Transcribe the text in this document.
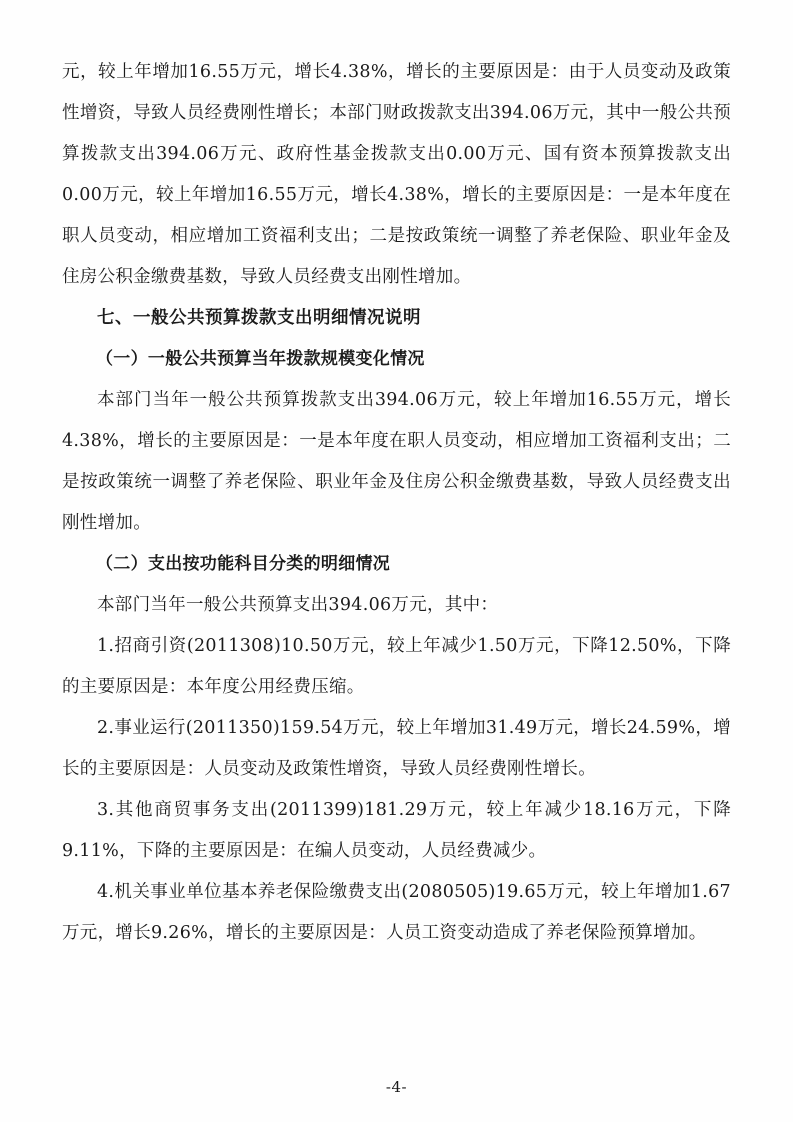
元，较上年增加16.55万元，增长4.38%，增长的主要原因是：由于人员变动及政策性增资，导致人员经费刚性增长；本部门财政拨款支出394.06万元，其中一般公共预算拨款支出394.06万元、政府性基金拨款支出0.00万元、国有资本预算拨款支出0.00万元，较上年增加16.55万元，增长4.38%，增长的主要原因是：一是本年度在职人员变动，相应增加工资福利支出；二是按政策统一调整了养老保险、职业年金及住房公积金缴费基数，导致人员经费支出刚性增加。

七、一般公共预算拨款支出明细情况说明

（一）一般公共预算当年拨款规模变化情况

本部门当年一般公共预算拨款支出394.06万元，较上年增加16.55万元，增长4.38%，增长的主要原因是：一是本年度在职人员变动，相应增加工资福利支出；二是按政策统一调整了养老保险、职业年金及住房公积金缴费基数，导致人员经费支出刚性增加。

（二）支出按功能科目分类的明细情况

本部门当年一般公共预算支出394.06万元，其中：

1.招商引资(2011308)10.50万元，较上年减少1.50万元，下降12.50%，下降的主要原因是：本年度公用经费压缩。

2.事业运行(2011350)159.54万元，较上年增加31.49万元，增长24.59%，增长的主要原因是：人员变动及政策性增资，导致人员经费刚性增长。

3.其他商贸事务支出(2011399)181.29万元，较上年减少18.16万元，下降9.11%，下降的主要原因是：在编人员变动，人员经费减少。

4.机关事业单位基本养老保险缴费支出(2080505)19.65万元，较上年增加1.67万元，增长9.26%，增长的主要原因是：人员工资变动造成了养老保险预算增加。

-4-
